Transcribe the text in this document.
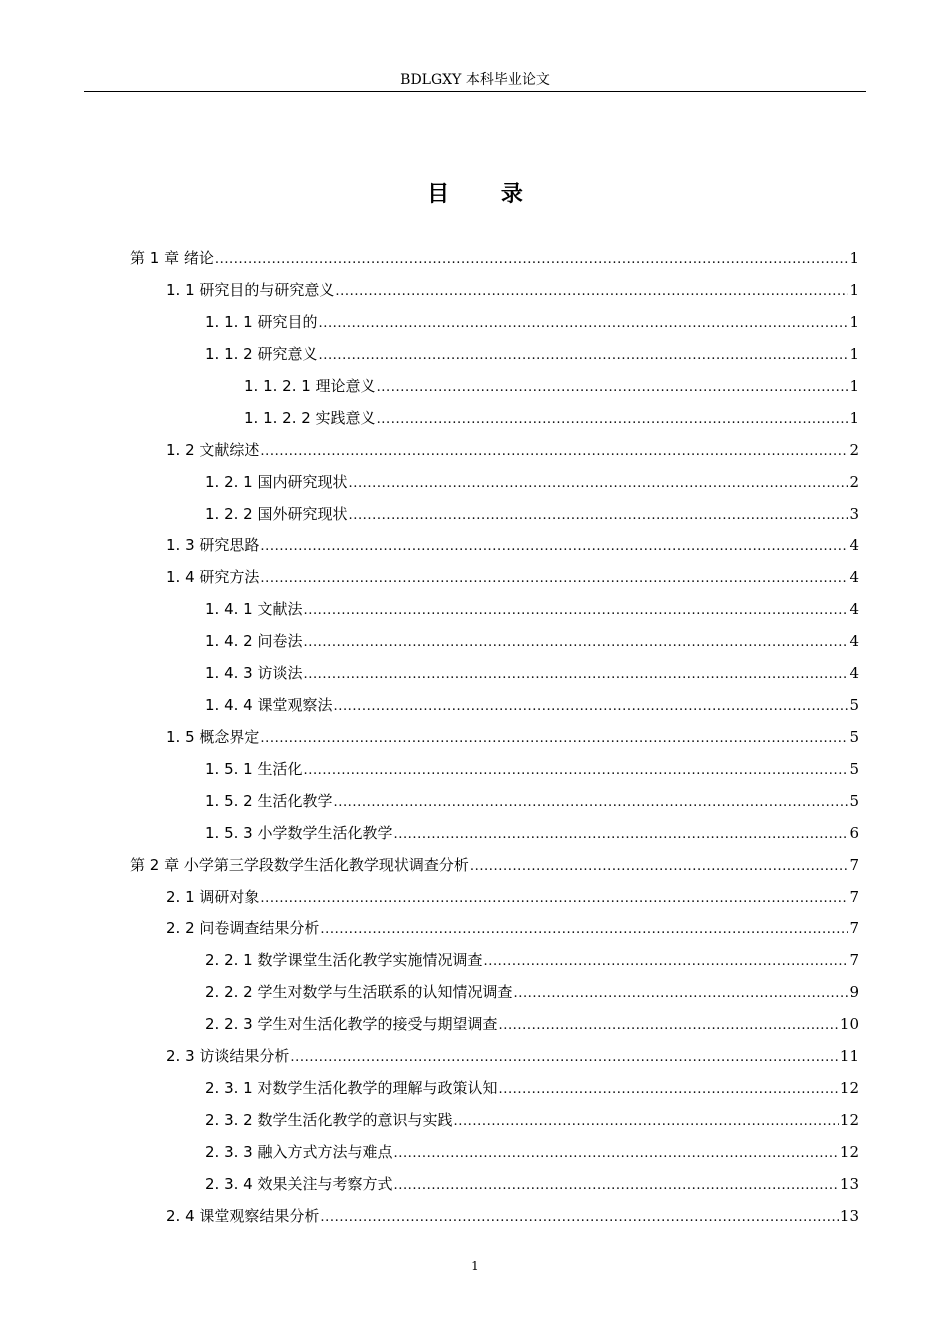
BDLGXY 本科毕业论文
目 录
第 1 章 绪论 .....	1
1. 1 研究目的与研究意义 .....	1
1. 1. 1 研究目的 .....	1
1. 1. 2 研究意义 .....	1
1. 1. 2. 1 理论意义 .....	1
1. 1. 2. 2 实践意义 .....	1
1. 2 文献综述 .....	2
1. 2. 1 国内研究现状 .....	2
1. 2. 2 国外研究现状 .....	3
1. 3 研究思路 .....	4
1. 4 研究方法 .....	4
1. 4. 1 文献法 .....	4
1. 4. 2 问卷法 .....	4
1. 4. 3 访谈法 .....	4
1. 4. 4 课堂观察法 .....	5
1. 5 概念界定 .....	5
1. 5. 1 生活化 .....	5
1. 5. 2 生活化教学 .....	5
1. 5. 3 小学数学生活化教学 .....	6
第 2 章 小学第三学段数学生活化教学现状调查分析 .....	7
2. 1 调研对象 .....	7
2. 2 问卷调查结果分析 .....	7
2. 2. 1 数学课堂生活化教学实施情况调查 .....	7
2. 2. 2 学生对数学与生活联系的认知情况调查 .....	9
2. 2. 3 学生对生活化教学的接受与期望调查 .....	10
2. 3 访谈结果分析 .....	11
2. 3. 1 对数学生活化教学的理解与政策认知 .....	12
2. 3. 2 数学生活化教学的意识与实践 .....	12
2. 3. 3 融入方式方法与难点 .....	12
2. 3. 4 效果关注与考察方式 .....	13
2. 4 课堂观察结果分析 .....	13
1
